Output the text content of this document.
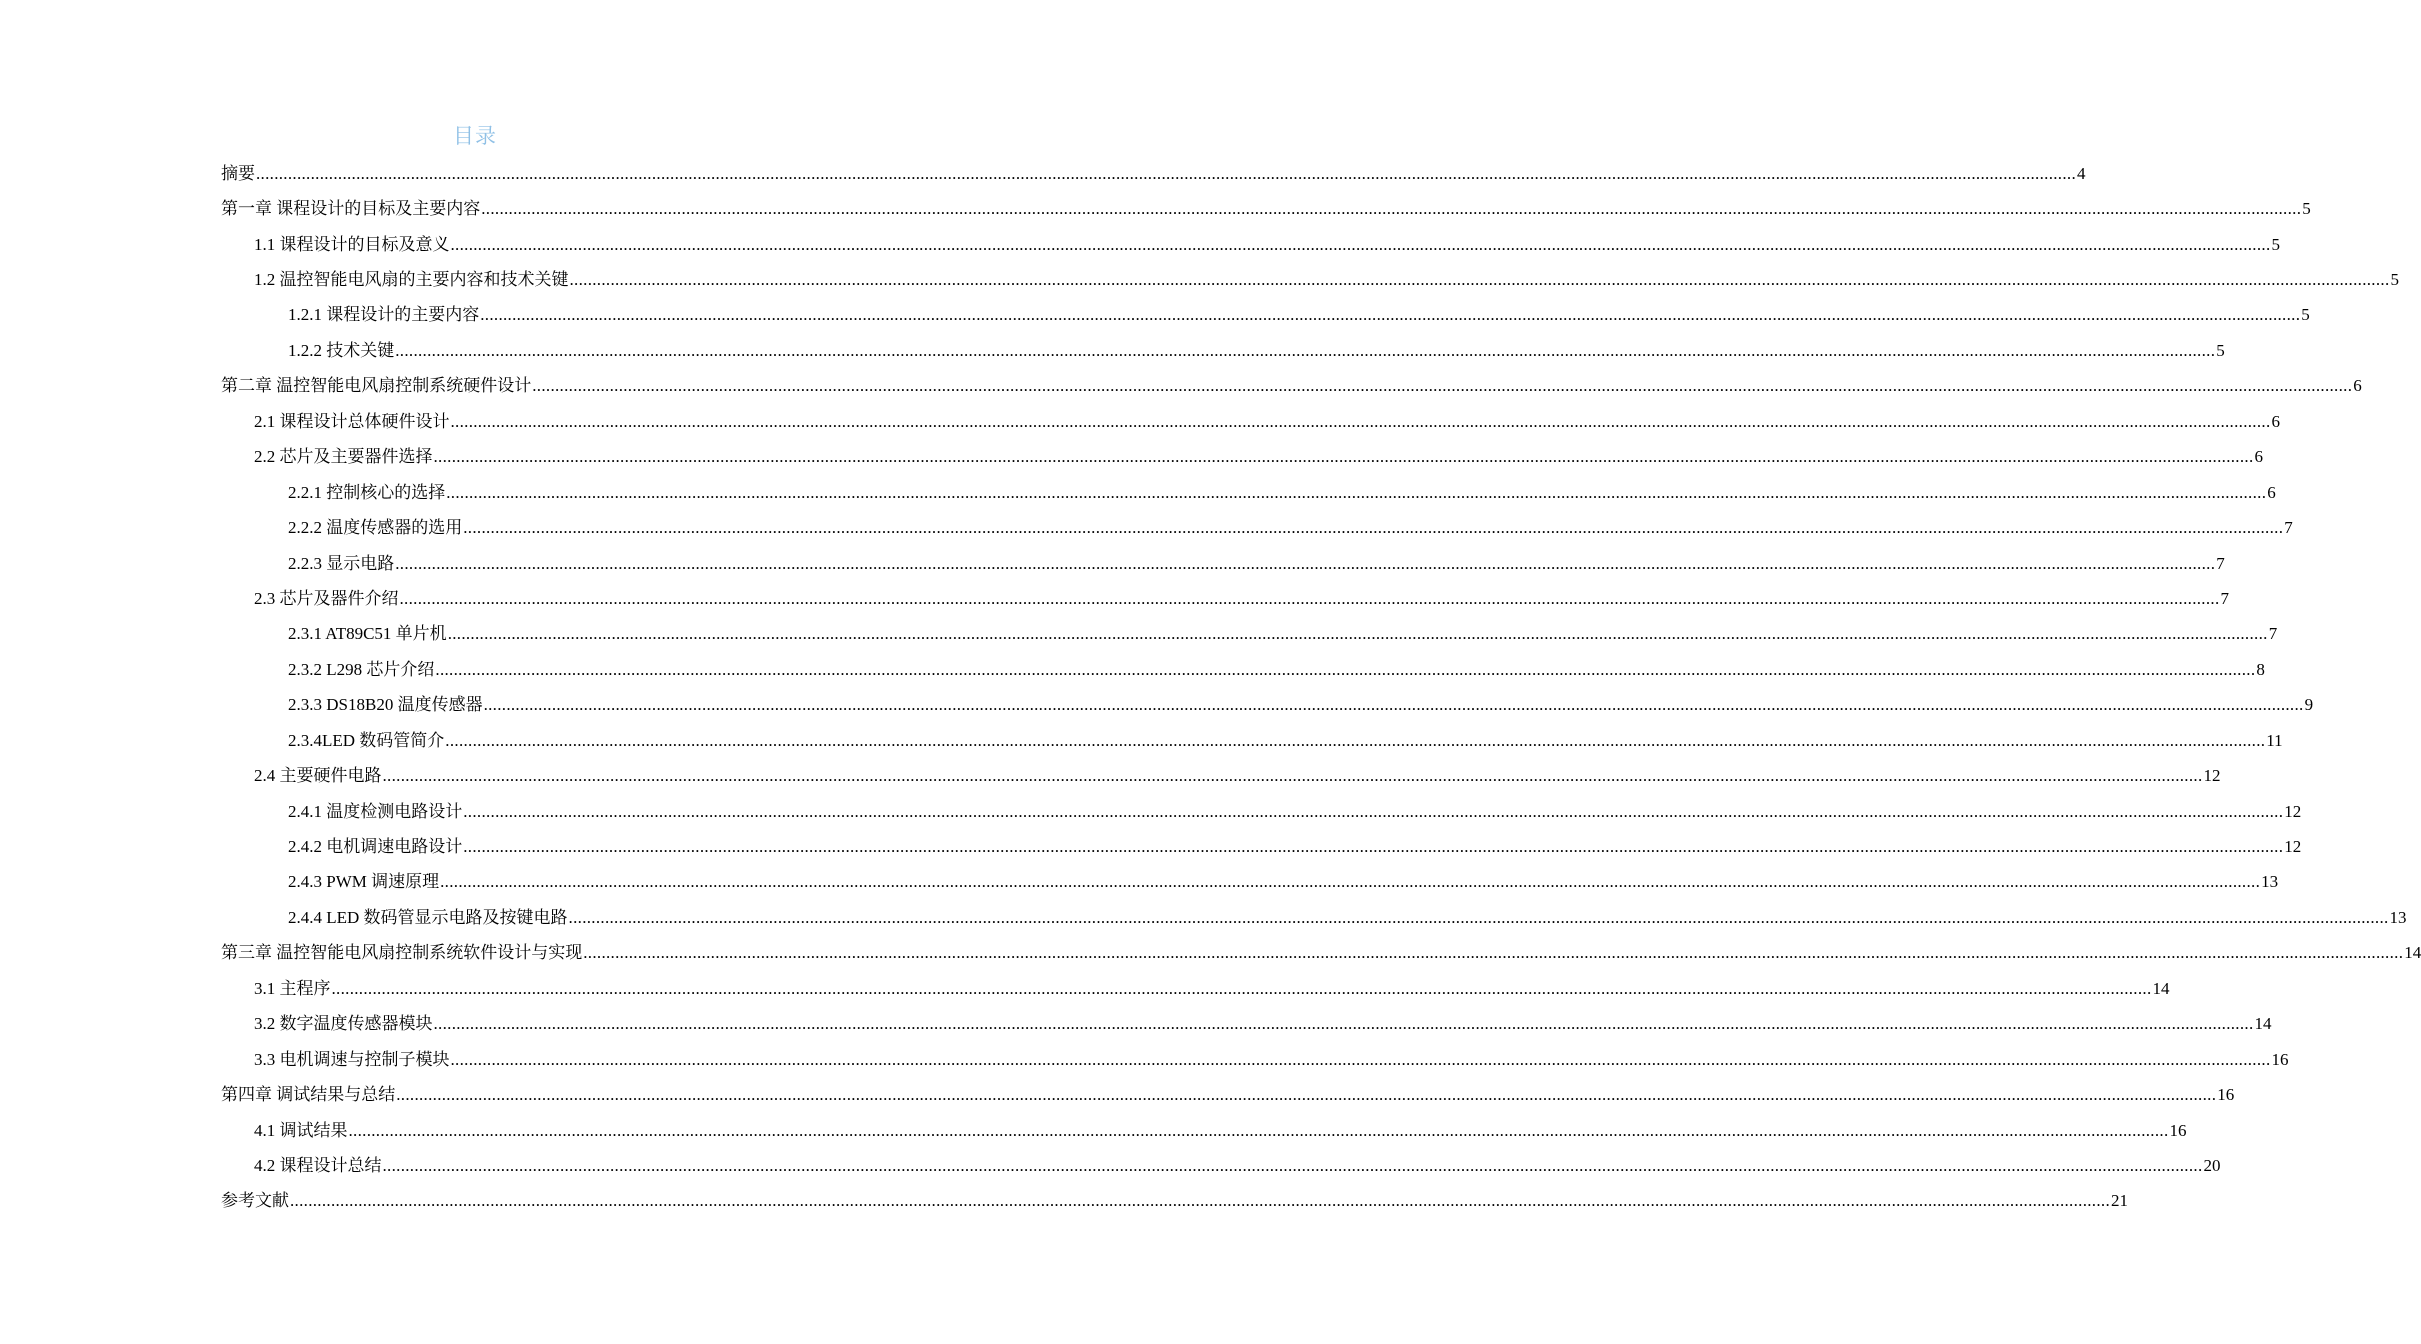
目录
摘要 ................................................................................................................................................................................................................................................................................................................................................................................................................ 4
第一章 课程设计的目标及主要内容 ................................................................................................................................................................................................................................................................................................................................................................................................................ 5
1.1 课程设计的目标及意义 ................................................................................................................................................................................................................................................................................................................................................................................................................ 5
1.2 温控智能电风扇的主要内容和技术关键 ................................................................................................................................................................................................................................................................................................................................................................................................................ 5
1.2.1 课程设计的主要内容 ................................................................................................................................................................................................................................................................................................................................................................................................................ 5
1.2.2 技术关键 ................................................................................................................................................................................................................................................................................................................................................................................................................ 5
第二章 温控智能电风扇控制系统硬件设计 ................................................................................................................................................................................................................................................................................................................................................................................................................ 6
2.1 课程设计总体硬件设计 ................................................................................................................................................................................................................................................................................................................................................................................................................ 6
2.2 芯片及主要器件选择 ................................................................................................................................................................................................................................................................................................................................................................................................................ 6
2.2.1 控制核心的选择 ................................................................................................................................................................................................................................................................................................................................................................................................................ 6
2.2.2 温度传感器的选用 ................................................................................................................................................................................................................................................................................................................................................................................................................ 7
2.2.3 显示电路 ................................................................................................................................................................................................................................................................................................................................................................................................................ 7
2.3 芯片及器件介绍 ................................................................................................................................................................................................................................................................................................................................................................................................................ 7
2.3.1 AT89C51 单片机 ................................................................................................................................................................................................................................................................................................................................................................................................................ 7
2.3.2 L298 芯片介绍 ................................................................................................................................................................................................................................................................................................................................................................................................................ 8
2.3.3 DS18B20 温度传感器 ................................................................................................................................................................................................................................................................................................................................................................................................................ 9
2.3.4LED 数码管简介 ................................................................................................................................................................................................................................................................................................................................................................................................................ 11
2.4 主要硬件电路 ................................................................................................................................................................................................................................................................................................................................................................................................................ 12
2.4.1 温度检测电路设计 ................................................................................................................................................................................................................................................................................................................................................................................................................ 12
2.4.2 电机调速电路设计 ................................................................................................................................................................................................................................................................................................................................................................................................................ 12
2.4.3 PWM 调速原理 ................................................................................................................................................................................................................................................................................................................................................................................................................ 13
2.4.4 LED 数码管显示电路及按键电路 ................................................................................................................................................................................................................................................................................................................................................................................................................ 13
第三章 温控智能电风扇控制系统软件设计与实现 ................................................................................................................................................................................................................................................................................................................................................................................................................ 14
3.1 主程序 ................................................................................................................................................................................................................................................................................................................................................................................................................ 14
3.2 数字温度传感器模块 ................................................................................................................................................................................................................................................................................................................................................................................................................ 14
3.3 电机调速与控制子模块 ................................................................................................................................................................................................................................................................................................................................................................................................................ 16
第四章 调试结果与总结 ................................................................................................................................................................................................................................................................................................................................................................................................................ 16
4.1 调试结果 ................................................................................................................................................................................................................................................................................................................................................................................................................ 16
4.2 课程设计总结 ................................................................................................................................................................................................................................................................................................................................................................................................................ 20
参考文献 ................................................................................................................................................................................................................................................................................................................................................................................................................ 21
